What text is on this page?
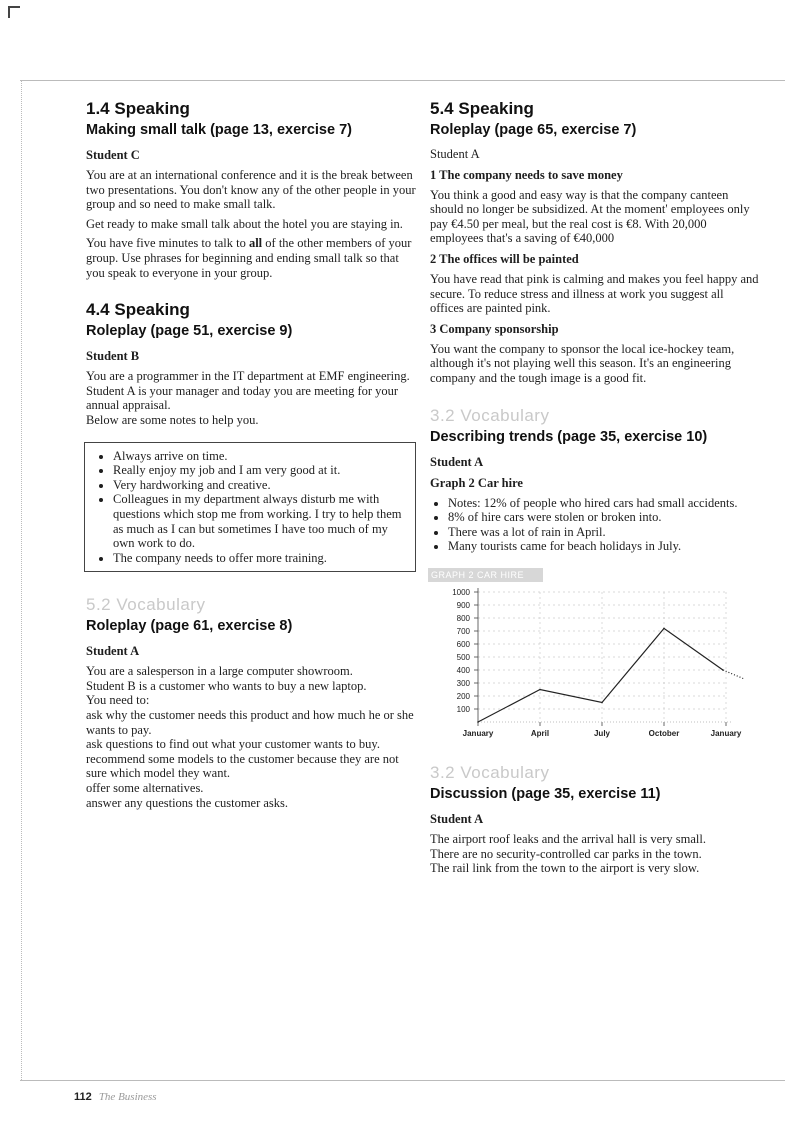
1.4 Speaking
Making small talk (page 13, exercise 7)
Student C

You are at an international conference and it is the break between two presentations. You don't know any of the other people in your group and so need to make small talk.

Get ready to make small talk about the hotel you are staying in.

You have five minutes to talk to all of the other members of your group. Use phrases for beginning and ending small talk so that you speak to everyone in your group.

4.4 Speaking
Roleplay (page 51, exercise 9)
Student B

You are a programmer in the IT department at EMF engineering. Student A is your manager and today you are meeting for your annual appraisal.

Below are some notes to help you.

• Always arrive on time.
• Really enjoy my job and I am very good at it.
• Very hardworking and creative.
• Colleagues in my department always disturb me with questions which stop me from working. I try to help them as much as I can but sometimes I have too much of my own work to do.
• The company needs to offer more training.
5.2 Vocabulary
Roleplay (page 61, exercise 8)
Student A

You are a salesperson in a large computer showroom.

Student B is a customer who wants to buy a new laptop.

You need to:

ask why the customer needs this product and how much he or she wants to pay.

ask questions to find out what your customer wants to buy.

recommend some models to the customer because they are not sure which model they want.

offer some alternatives.

answer any questions the customer asks.

5.4 Speaking
Roleplay (page 65, exercise 7)

Student A

1 The company needs to save money

You think a good and easy way is that the company canteen should no longer be subsidized. At the moment' employees only pay €4.50 per meal, but the real cost is €8. With 20,000 employees that's a saving of €40,000

2 The offices will be painted

You have read that pink is calming and makes you feel happy and secure. To reduce stress and illness at work you suggest all offices are painted pink.

3 Company sponsorship

You want the company to sponsor the local ice-hockey team, although it's not playing well this season. It's an engineering company and the tough image is a good fit.

3.2 Vocabulary
Describing trends (page 35, exercise 10)
Student A
Graph 2 Car hire
• Notes: 12% of people who hired cars had small accidents.
• 8% of hire cars were stolen or broken into.
• There was a lot of rain in April.
• Many tourists came for beach holidays in July.
GRAPH 2 CAR HIRE
100
200
300
400
500
600
700
800
900
1000
January	April	July	October	January
3.2 Vocabulary
Discussion (page 35, exercise 11)
Student A

The airport roof leaks and the arrival hall is very small.

There are no security-controlled car parks in the town.

The rail link from the town to the airport is very slow.

112 The Business
